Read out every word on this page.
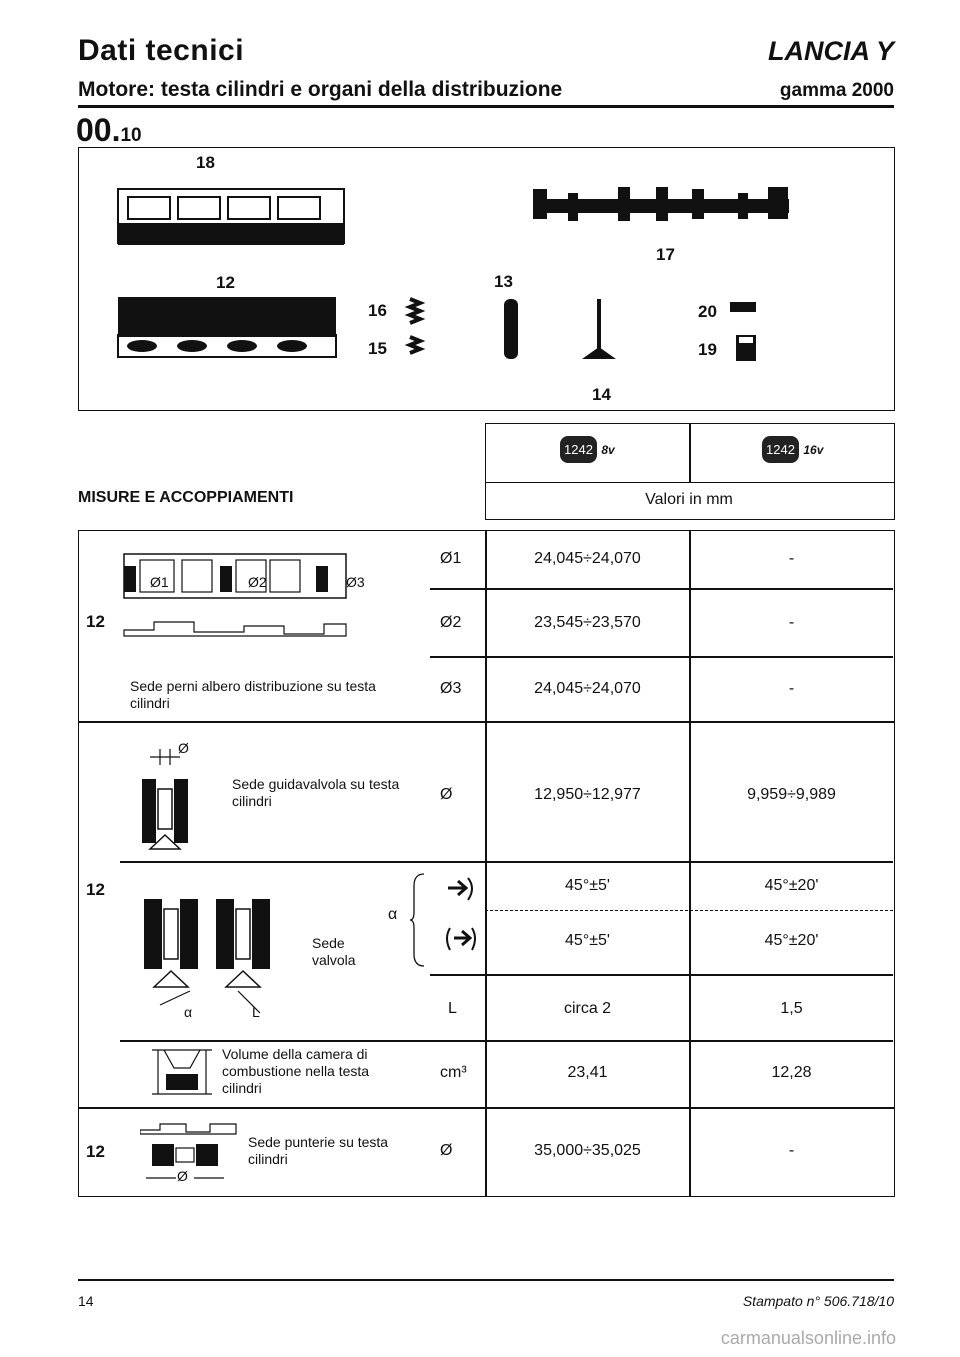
Dati tecnici	LANCIA Y
Motore: testa cilindri e organi della distribuzione	gamma 2000
00.10
18
12
17
13
16
15
20
19
14
1242 8v	1242 16v
MISURE E ACCOPPIAMENTI	Valori in mm
12
Ø1	Ø2	Ø3
Sede perni albero distribuzione su testa cilindri
Ø1	24,045÷24,070	-
Ø2	23,545÷23,570	-
Ø3	24,045÷24,070	-
12
Ø
Sede guidavalvola su testa cilindri	Ø	12,950÷12,977	9,959÷9,989
α	L
Sede valvola
α
45°±5'	45°±20'
45°±5'	45°±20'
L	circa 2	1,5
Volume della camera di combustione nella testa cilindri
cm³	23,41	12,28
12
Ø
Sede punterie su testa cilindri	Ø	35,000÷35,025	-
14	Stampato n° 506.718/10
carmanualsonline.info
